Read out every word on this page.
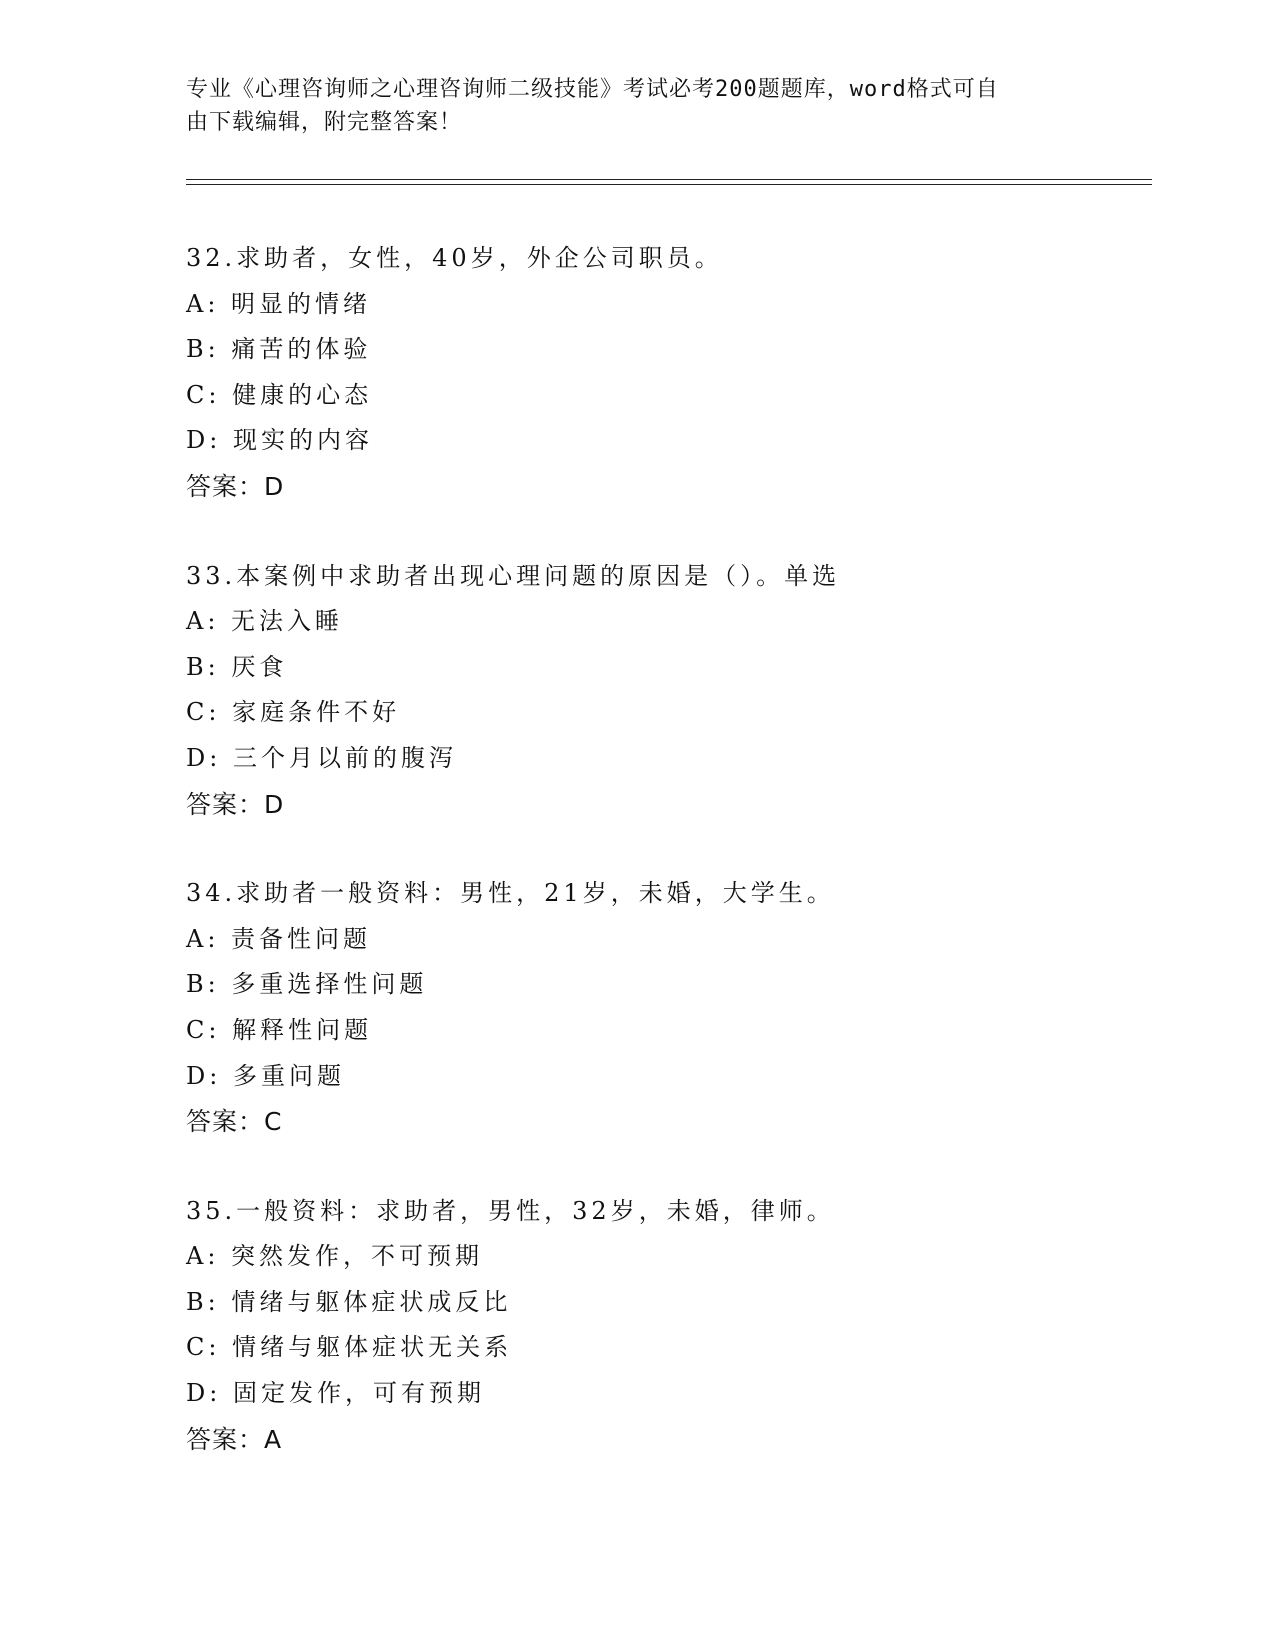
专业《心理咨询师之心理咨询师二级技能》考试必考200题题库，word格式可自
由下载编辑，附完整答案！
32.求助者，女性，40岁，外企公司职员。
A: 明显的情绪
B: 痛苦的体验
C: 健康的心态
D: 现实的内容
答案：D
33.本案例中求助者出现心理问题的原因是（）。单选
A: 无法入睡
B: 厌食
C: 家庭条件不好
D: 三个月以前的腹泻
答案：D
34.求助者一般资料：男性，21岁，未婚，大学生。
A: 责备性问题
B: 多重选择性问题
C: 解释性问题
D: 多重问题
答案：C
35.一般资料：求助者，男性，32岁，未婚，律师。
A: 突然发作，不可预期
B: 情绪与躯体症状成反比
C: 情绪与躯体症状无关系
D: 固定发作，可有预期
答案：A
